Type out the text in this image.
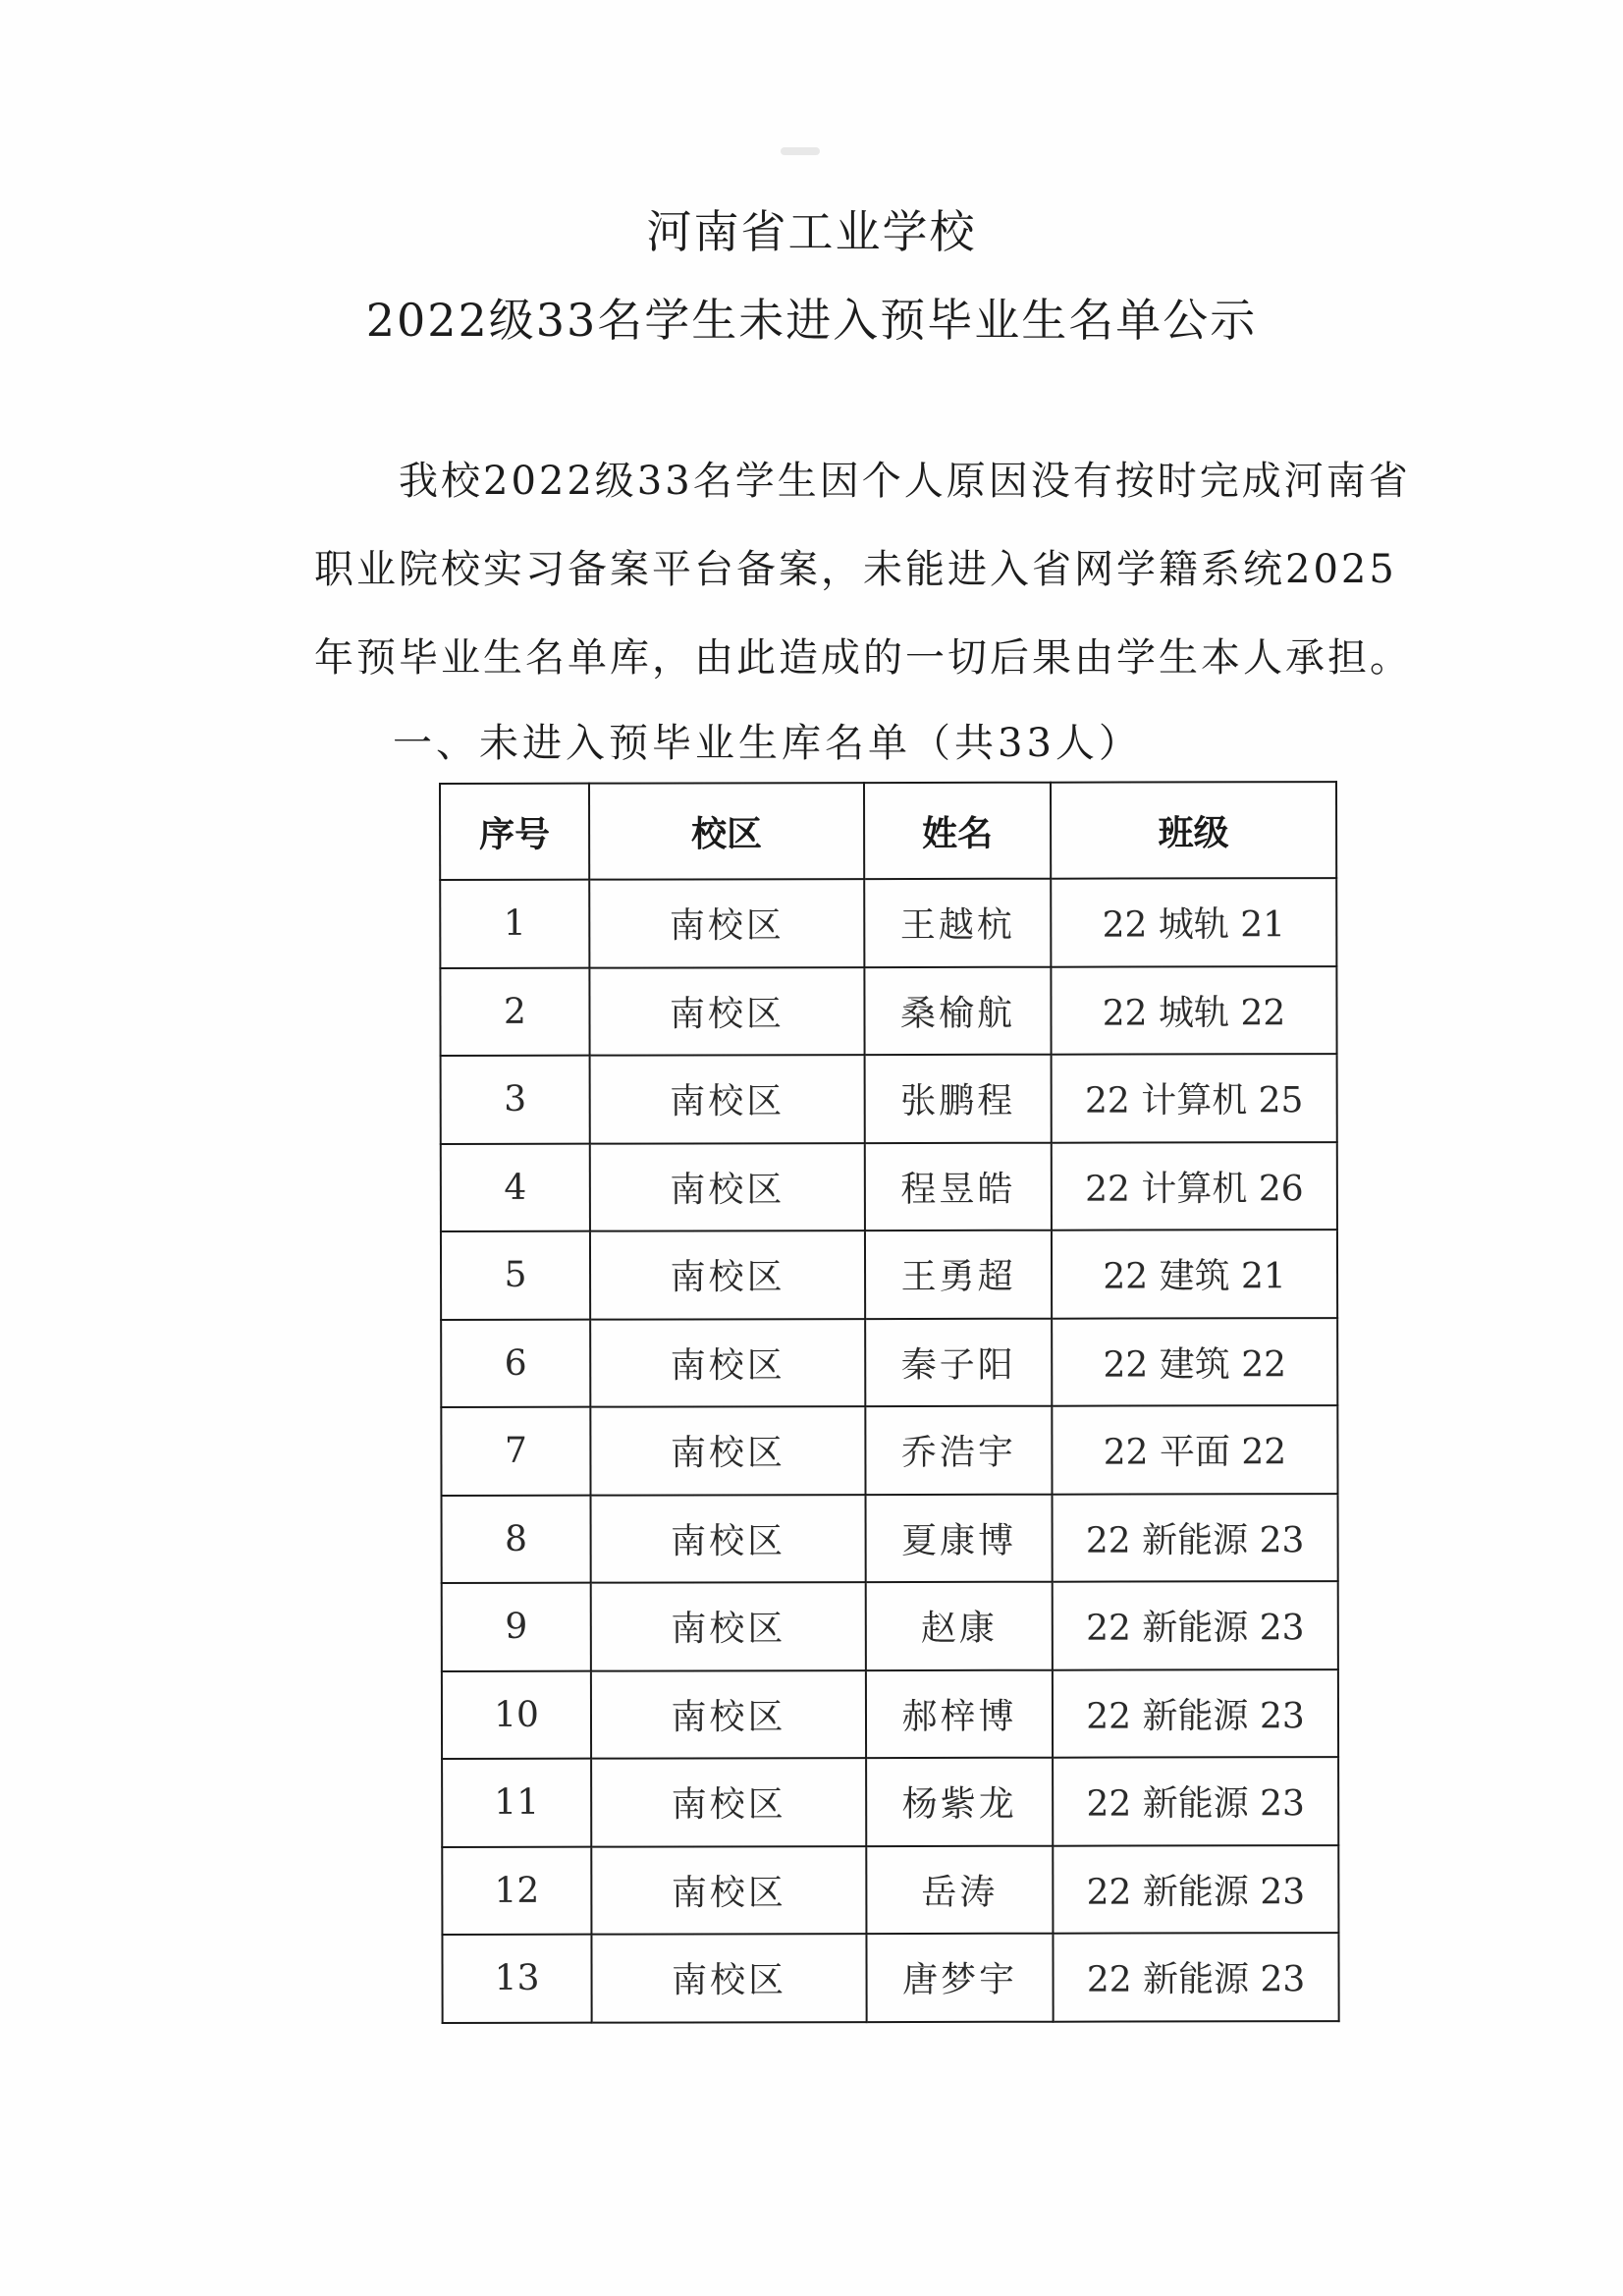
河南省工业学校
2022级33名学生未进入预毕业生名单公示
我校2022级33名学生因个人原因没有按时完成河南省
职业院校实习备案平台备案，未能进入省网学籍系统2025
年预毕业生名单库，由此造成的一切后果由学生本人承担。
一、未进入预毕业生库名单（共33人）
序号	校区	姓名	班级
1	南校区	王越杭	22 城轨 21
2	南校区	桑榆航	22 城轨 22
3	南校区	张鹏程	22 计算机 25
4	南校区	程昱皓	22 计算机 26
5	南校区	王勇超	22 建筑 21
6	南校区	秦子阳	22 建筑 22
7	南校区	乔浩宇	22 平面 22
8	南校区	夏康博	22 新能源 23
9	南校区	赵康	22 新能源 23
10	南校区	郝梓博	22 新能源 23
11	南校区	杨紫龙	22 新能源 23
12	南校区	岳涛	22 新能源 23
13	南校区	唐梦宇	22 新能源 23
